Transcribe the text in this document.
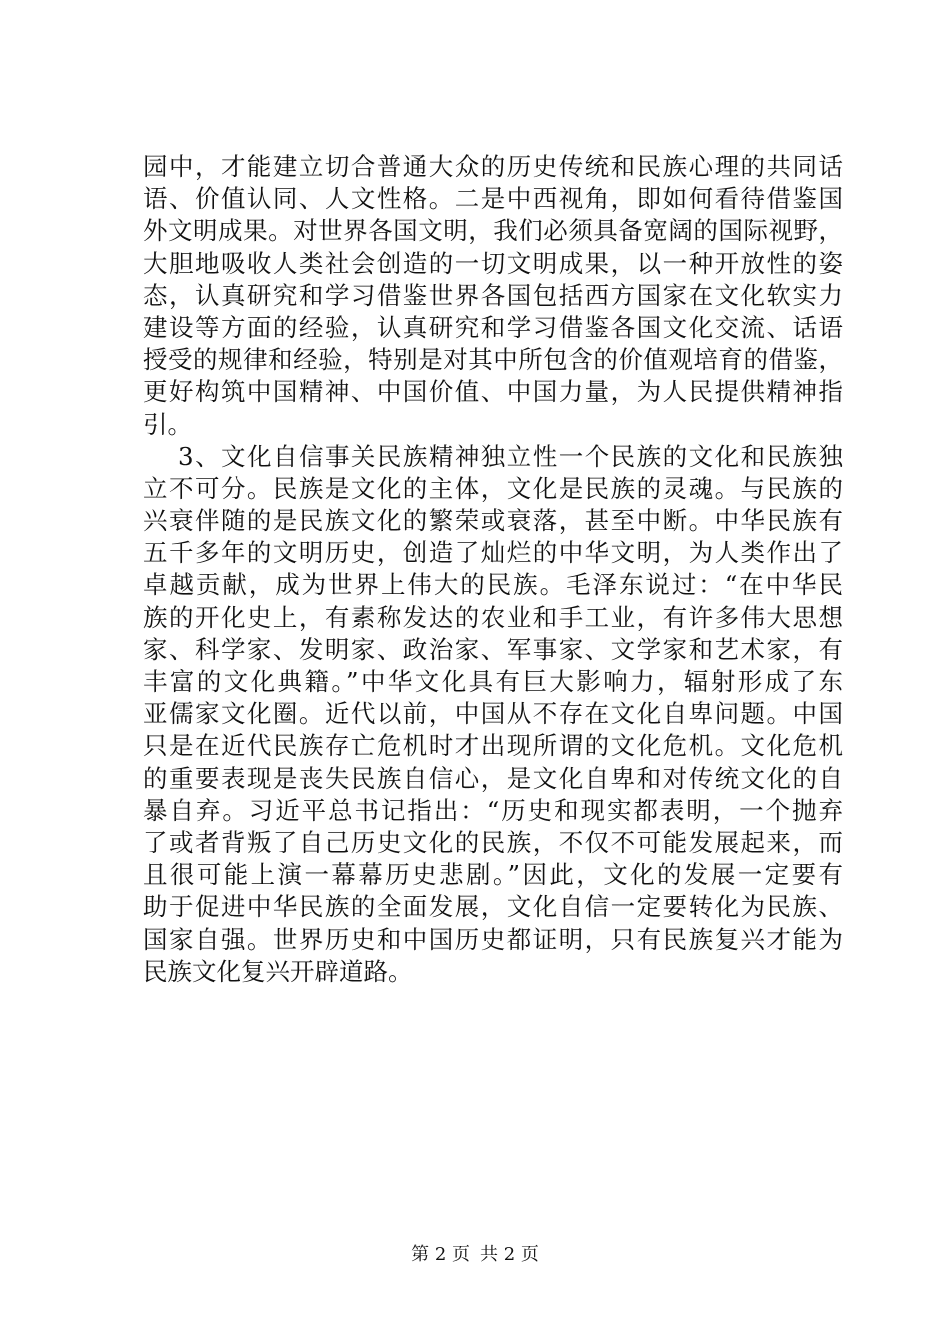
园中，才能建立切合普通大众的历史传统和民族心理的共同话
语、价值认同、人文性格。二是中西视角，即如何看待借鉴国
外文明成果。对世界各国文明，我们必须具备宽阔的国际视野，
大胆地吸收人类社会创造的一切文明成果，以一种开放性的姿
态，认真研究和学习借鉴世界各国包括西方国家在文化软实力
建设等方面的经验，认真研究和学习借鉴各国文化交流、话语
授受的规律和经验，特别是对其中所包含的价值观培育的借鉴，
更好构筑中国精神、中国价值、中国力量，为人民提供精神指
引。
3、文化自信事关民族精神独立性一个民族的文化和民族独
立不可分。民族是文化的主体，文化是民族的灵魂。与民族的
兴衰伴随的是民族文化的繁荣或衰落，甚至中断。中华民族有
五千多年的文明历史，创造了灿烂的中华文明，为人类作出了
卓越贡献，成为世界上伟大的民族。毛泽东说过：“在中华民
族的开化史上，有素称发达的农业和手工业，有许多伟大思想
家、科学家、发明家、政治家、军事家、文学家和艺术家，有
丰富的文化典籍。”中华文化具有巨大影响力，辐射形成了东
亚儒家文化圈。近代以前，中国从不存在文化自卑问题。中国
只是在近代民族存亡危机时才出现所谓的文化危机。文化危机
的重要表现是丧失民族自信心，是文化自卑和对传统文化的自
暴自弃。习近平总书记指出：“历史和现实都表明，一个抛弃
了或者背叛了自己历史文化的民族，不仅不可能发展起来，而
且很可能上演一幕幕历史悲剧。”因此，文化的发展一定要有
助于促进中华民族的全面发展，文化自信一定要转化为民族、
国家自强。世界历史和中国历史都证明，只有民族复兴才能为
民族文化复兴开辟道路。
第 2 页 共 2 页
